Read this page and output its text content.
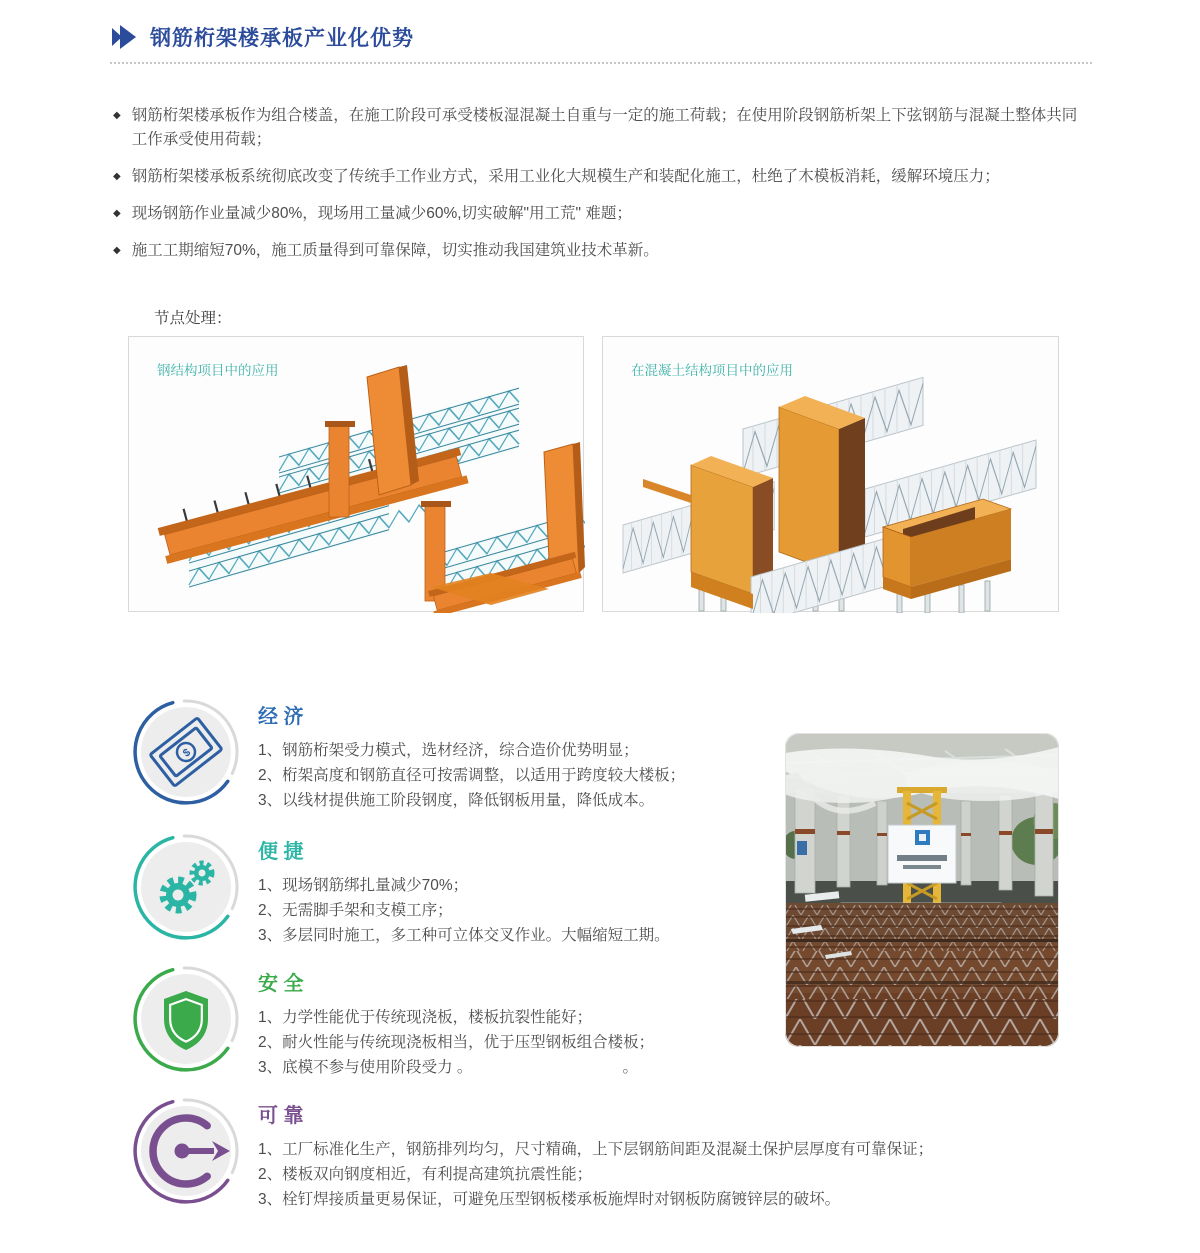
钢筋桁架楼承板产业化优势
◆ 钢筋桁架楼承板作为组合楼盖，在施工阶段可承受楼板湿混凝土自重与一定的施工荷载；在使用阶段钢筋析架上下弦钢筋与混凝土整体共同工作承受使用荷载；
◆ 钢筋桁架楼承板系统彻底改变了传统手工作业方式，采用工业化大规模生产和装配化施工，杜绝了木模板消耗，缓解环境压力；
◆ 现场钢筋作业量减少80%，现场用工量减少60%,切实破解"用工荒" 难题；
◆ 施工工期缩短70%，施工质量得到可靠保障，切实推动我国建筑业技术革新。
节点处理：
钢结构项目中的应用	在混凝土结构项目中的应用
$
经 济
1、钢筋桁架受力模式，选材经济，综合造价优势明显；
2、桁架高度和钢筋直径可按需调整，以适用于跨度较大楼板；
3、以线材提供施工阶段钢度，降低钢板用量，降低成本。
便 捷
1、现场钢筋绑扎量减少70%；
2、无需脚手架和支模工序；
3、多层同时施工，多工种可立体交叉作业。大幅缩短工期。
安 全
1、力学性能优于传统现浇板，楼板抗裂性能好；
2、耐火性能与传统现浇板相当，优于压型钢板组合楼板；
3、底模不参与使用阶段受力 。	。
可 靠
1、工厂标准化生产，钢筋排列均匀，尺寸精确，上下层钢筋间距及混凝土保护层厚度有可靠保证；
2、楼板双向钢度相近，有利提高建筑抗震性能；
3、栓钉焊接质量更易保证，可避免压型钢板楼承板施焊时对钢板防腐镀锌层的破坏。
